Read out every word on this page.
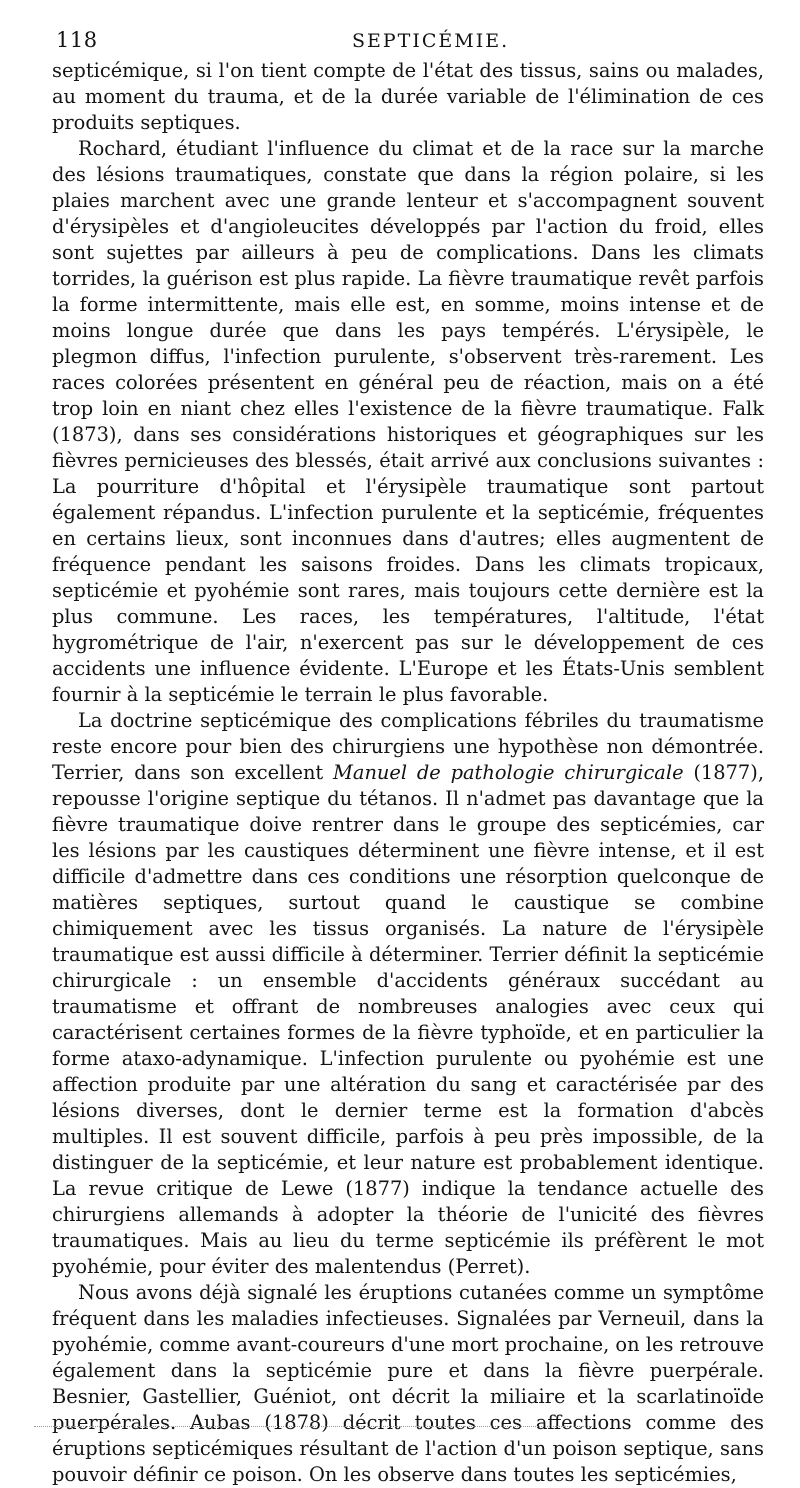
118	SEPTICÉMIE.

septicémique, si l'on tient compte de l'état des tissus, sains ou malades, au moment du trauma, et de la durée variable de l'élimination de ces produits septiques.

Rochard, étudiant l'influence du climat et de la race sur la marche des lésions traumatiques, constate que dans la région polaire, si les plaies marchent avec une grande lenteur et s'accompagnent souvent d'érysipèles et d'angioleucites développés par l'action du froid, elles sont sujettes par ailleurs à peu de complications. Dans les climats torrides, la guérison est plus rapide. La fièvre traumatique revêt parfois la forme intermittente, mais elle est, en somme, moins intense et de moins longue durée que dans les pays tempérés. L'érysipèle, le plegmon diffus, l'infection purulente, s'observent très-rarement. Les races colorées présentent en général peu de réaction, mais on a été trop loin en niant chez elles l'existence de la fièvre traumatique. Falk (1873), dans ses considérations historiques et géographiques sur les fièvres pernicieuses des blessés, était arrivé aux conclusions suivantes : La pourriture d'hôpital et l'érysipèle traumatique sont partout également répandus. L'infection purulente et la septicémie, fréquentes en certains lieux, sont inconnues dans d'autres; elles augmentent de fréquence pendant les saisons froides. Dans les climats tropicaux, septicémie et pyohémie sont rares, mais toujours cette dernière est la plus commune. Les races, les températures, l'altitude, l'état hygrométrique de l'air, n'exercent pas sur le développement de ces accidents une influence évidente. L'Europe et les États-Unis semblent fournir à la septicémie le terrain le plus favorable.

La doctrine septicémique des complications fébriles du traumatisme reste encore pour bien des chirurgiens une hypothèse non démontrée. Terrier, dans son excellent Manuel de pathologie chirurgicale (1877), repousse l'origine septique du tétanos. Il n'admet pas davantage que la fièvre traumatique doive rentrer dans le groupe des septicémies, car les lésions par les caustiques déterminent une fièvre intense, et il est difficile d'admettre dans ces conditions une résorption quelconque de matières septiques, surtout quand le caustique se combine chimiquement avec les tissus organisés. La nature de l'érysipèle traumatique est aussi difficile à déterminer. Terrier définit la septicémie chirurgicale : un ensemble d'accidents généraux succédant au traumatisme et offrant de nombreuses analogies avec ceux qui caractérisent certaines formes de la fièvre typhoïde, et en particulier la forme ataxo-adynamique. L'infection purulente ou pyohémie est une affection produite par une altération du sang et caractérisée par des lésions diverses, dont le dernier terme est la formation d'abcès multiples. Il est souvent difficile, parfois à peu près impossible, de la distinguer de la septicémie, et leur nature est probablement identique. La revue critique de Lewe (1877) indique la tendance actuelle des chirurgiens allemands à adopter la théorie de l'unicité des fièvres traumatiques. Mais au lieu du terme septicémie ils préfèrent le mot pyohémie, pour éviter des malentendus (Perret).

Nous avons déjà signalé les éruptions cutanées comme un symptôme fréquent dans les maladies infectieuses. Signalées par Verneuil, dans la pyohémie, comme avant-coureurs d'une mort prochaine, on les retrouve également dans la septicémie pure et dans la fièvre puerpérale. Besnier, Gastellier, Guéniot, ont décrit la miliaire et la scarlatinoïde puerpérales. Aubas (1878) décrit toutes ces affections comme des éruptions septicémiques résultant de l'action d'un poison septique, sans pouvoir définir ce poison. On les observe dans toutes les septicémies,
